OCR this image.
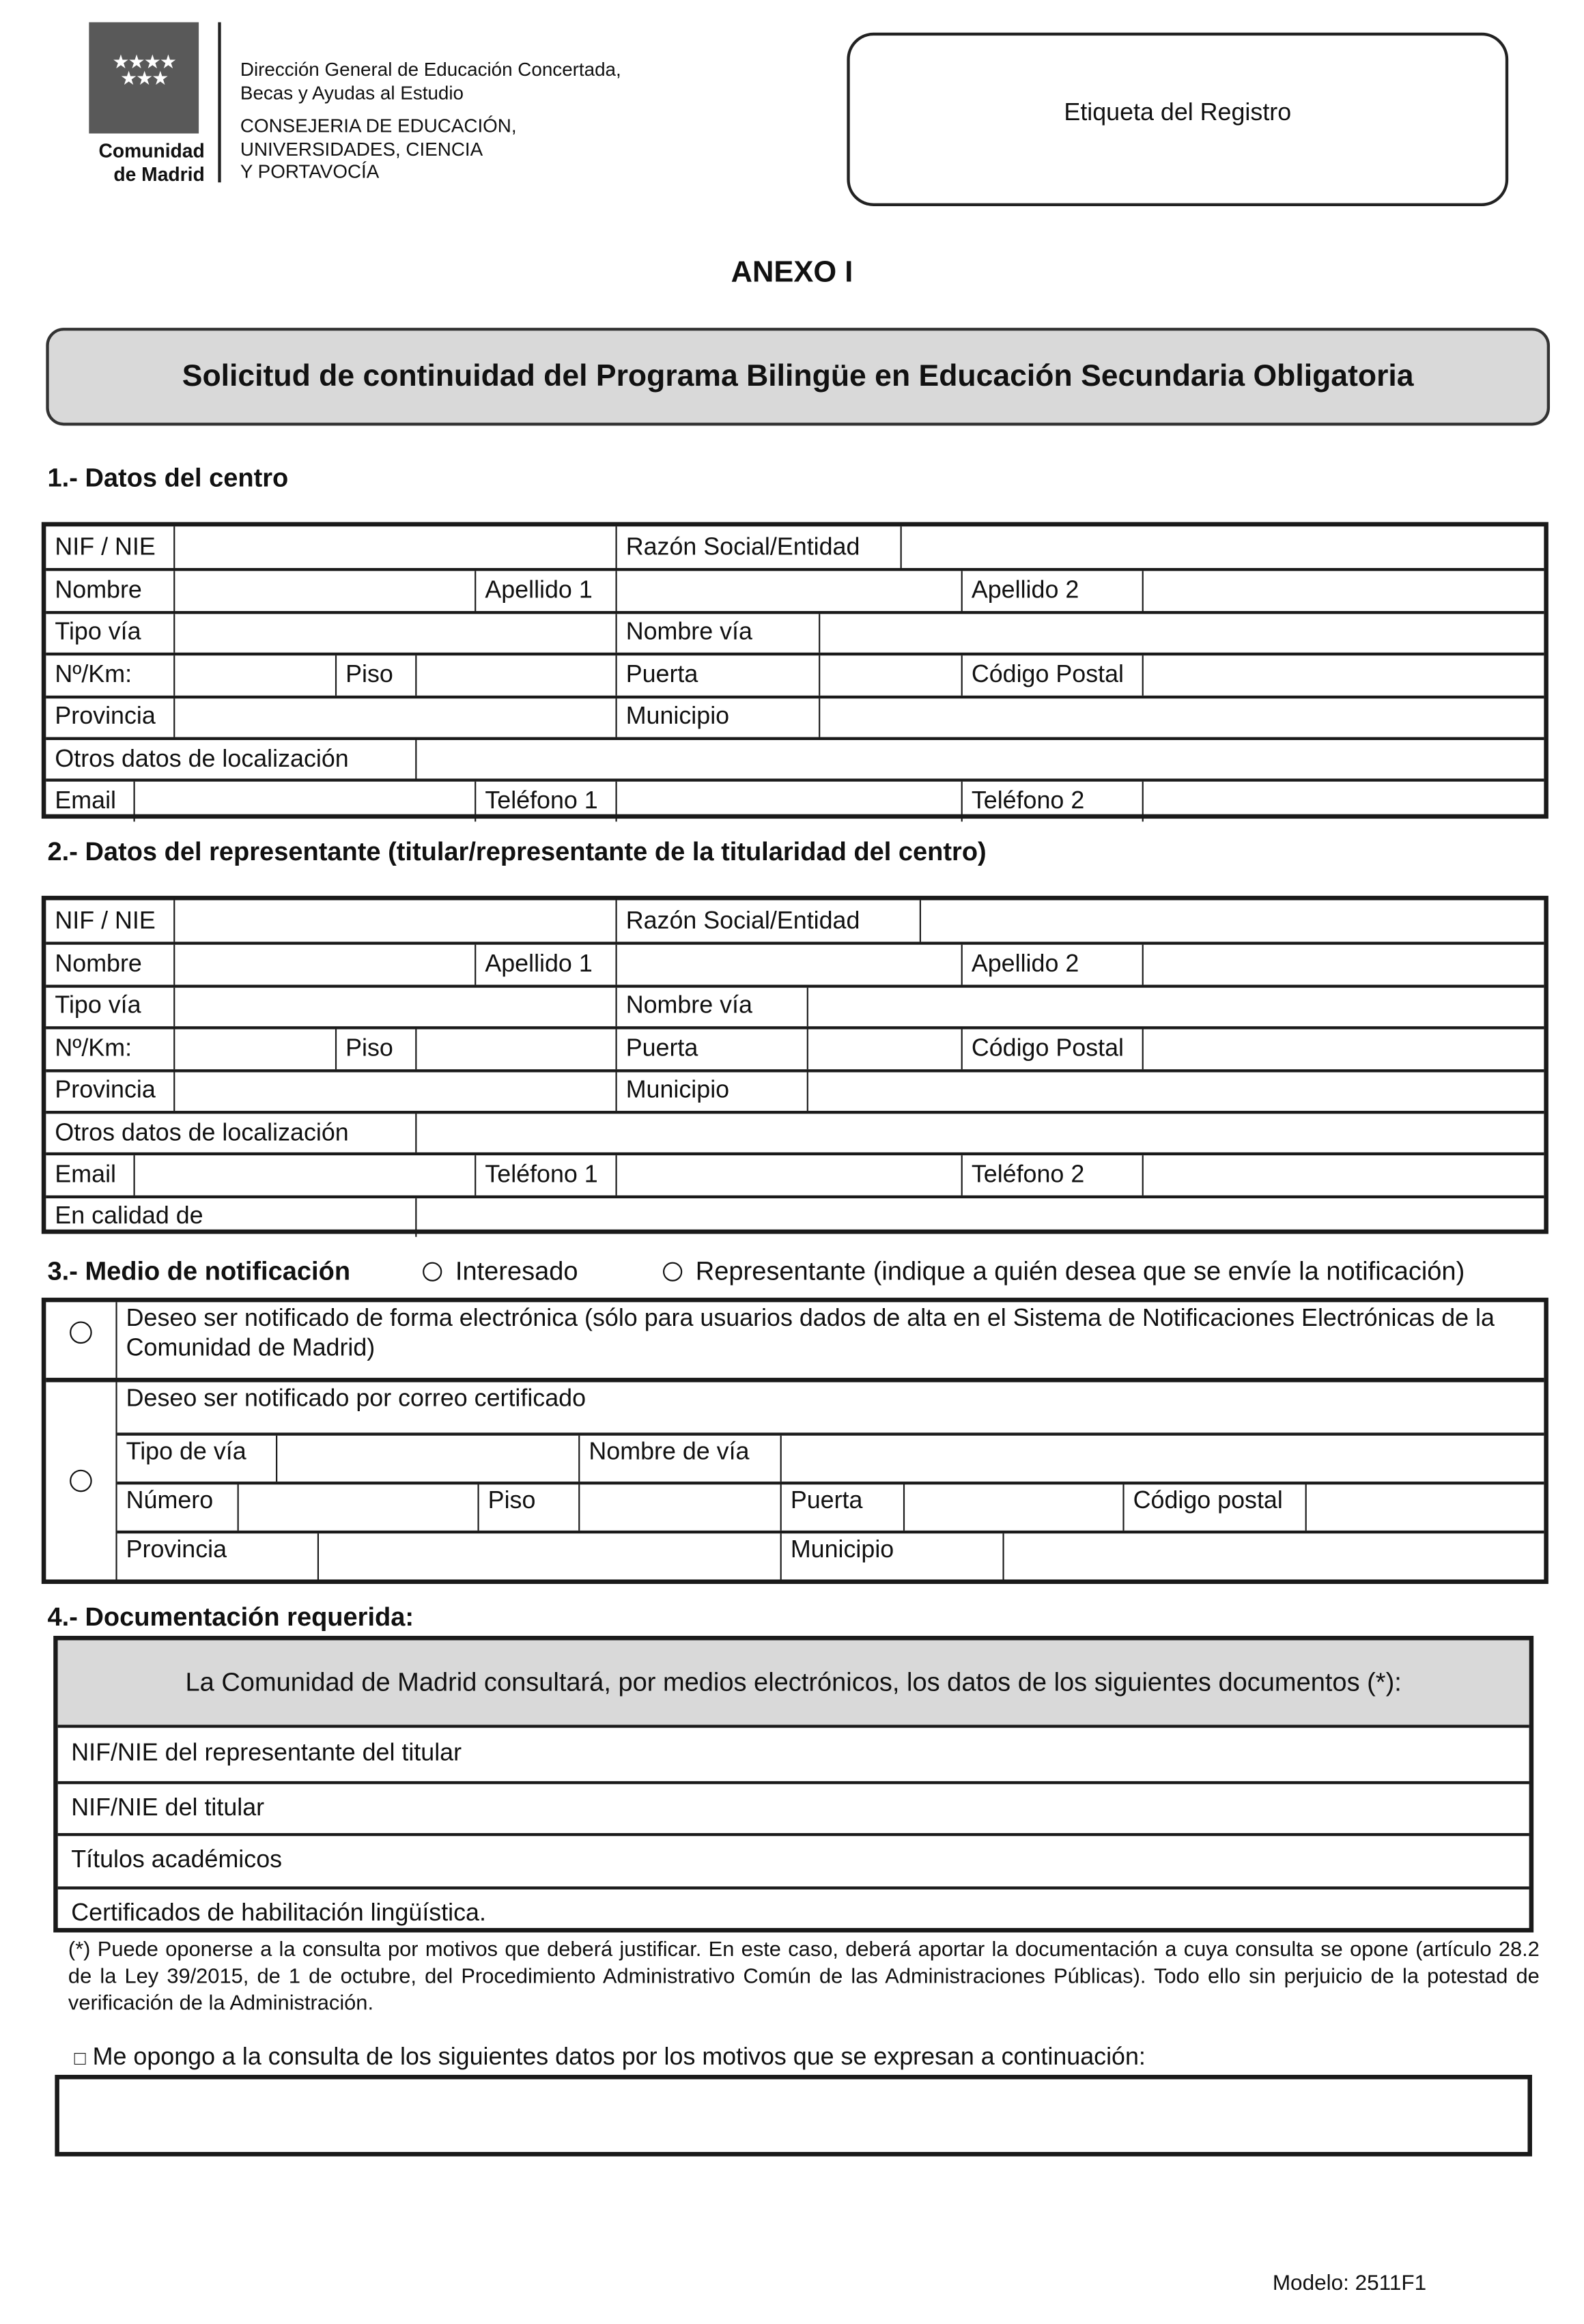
★★★★
★★★
Comunidad
de Madrid
Dirección General de Educación Concertada,
Becas y Ayudas al Estudio
CONSEJERIA DE EDUCACIÓN,
UNIVERSIDADES, CIENCIA
Y PORTAVOCÍA
Etiqueta del Registro
ANEXO I
Solicitud de continuidad del Programa Bilingüe en Educación Secundaria Obligatoria
1.- Datos del centro
NIF / NIE	Razón Social/Entidad
Nombre	Apellido 1	Apellido 2
Tipo vía	Nombre vía
Nº/Km:	Piso	Puerta	Código Postal
Provincia	Municipio
Otros datos de localización
Email	Teléfono 1	Teléfono 2
2.- Datos del representante (titular/representante de la titularidad del centro)
NIF / NIE	Razón Social/Entidad
Nombre	Apellido 1	Apellido 2
Tipo vía	Nombre vía
Nº/Km:	Piso	Puerta	Código Postal
Provincia	Municipio
Otros datos de localización
Email	Teléfono 1	Teléfono 2
En calidad de
3.- Medio de notificación	Interesado	Representante (indique a quién desea que se envíe la notificación)
Deseo ser notificado de forma electrónica (sólo para usuarios dados de alta en el Sistema de Notificaciones Electrónicas de la Comunidad de Madrid)
Deseo ser notificado por correo certificado
Tipo de vía	Nombre de vía
Número	Piso	Puerta	Código postal
Provincia	Municipio
4.- Documentación requerida:
La Comunidad de Madrid consultará, por medios electrónicos, los datos de los siguientes documentos (*):
NIF/NIE del representante del titular
NIF/NIE del titular
Títulos académicos
Certificados de habilitación lingüística.
(*) Puede oponerse a la consulta por motivos que deberá justificar. En este caso, deberá aportar la documentación a cuya consulta se opone (artículo 28.2 de la Ley 39/2015, de 1 de octubre, del Procedimiento Administrativo Común de las Administraciones Públicas). Todo ello sin perjuicio de la potestad de verificación de la Administración.
□ Me opongo a la consulta de los siguientes datos por los motivos que se expresan a continuación:
Modelo: 2511F1
